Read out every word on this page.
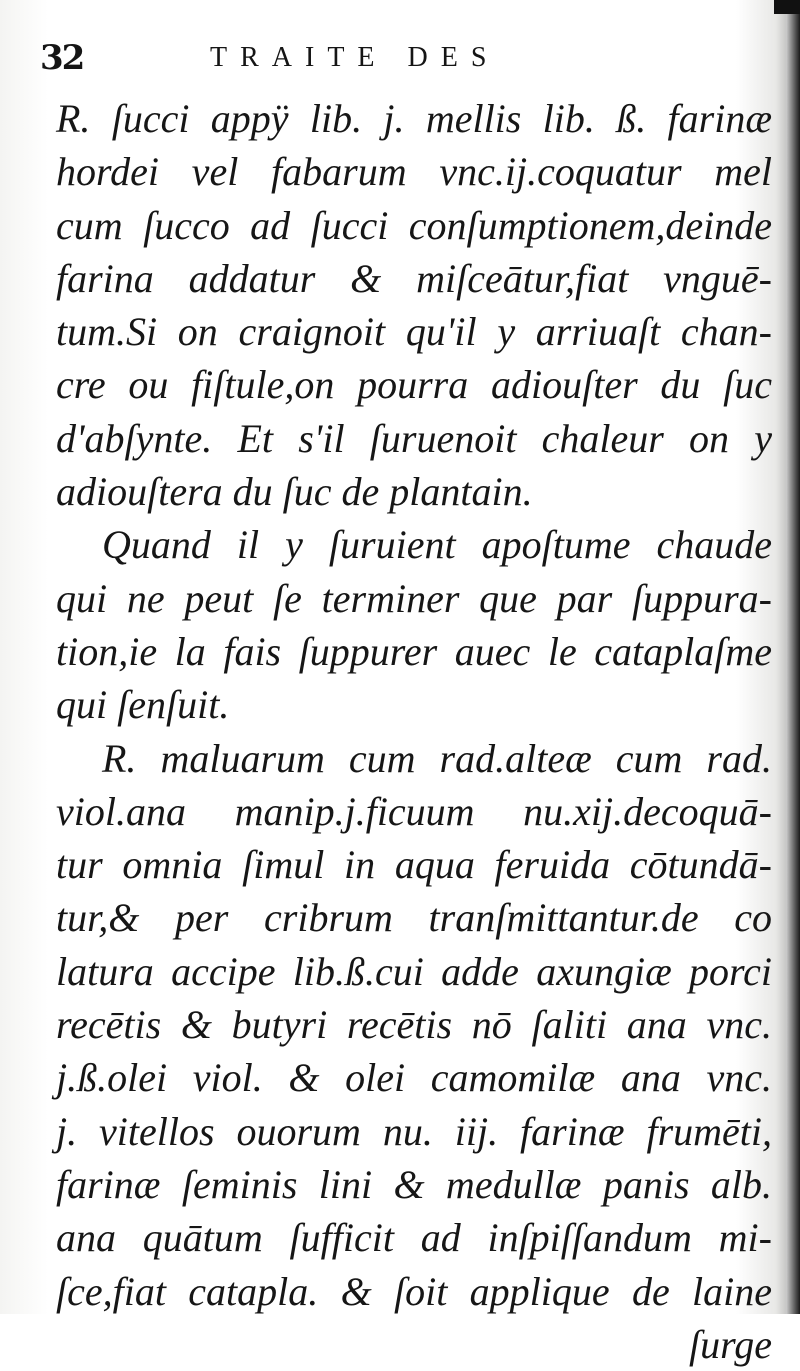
32	TRAITE DES
R. ſucci appÿ lib. j. mellis lib. ß. farinæ
hordei vel fabarum vnc.ij.coquatur mel
cum ſucco ad ſucci conſumptionem,deinde
farina addatur & miſceātur,fiat vnguē-
tum.Si on craignoit qu'il y arriuaſt chan-
cre ou fiſtule,on pourra adiouſter du ſuc
d'abſynte. Et s'il ſuruenoit chaleur on y
adiouſtera du ſuc de plantain.
Quand il y ſuruient apoſtume chaude
qui ne peut ſe terminer que par ſuppura-
tion,ie la fais ſuppurer auec le cataplaſme
qui ſenſuit.
R. maluarum cum rad.alteæ cum rad.
viol.ana manip.j.ficuum nu.xij.decoquā-
tur omnia ſimul in aqua feruida cōtundā-
tur,& per cribrum tranſmittantur.de co
latura accipe lib.ß.cui adde axungiæ porci
recētis & butyri recētis nō ſaliti ana vnc.
j.ß.olei viol. & olei camomilæ ana vnc.
j. vitellos ouorum nu. iij. farinæ frumēti,
farinæ ſeminis lini & medullæ panis alb.
ana quātum ſufficit ad inſpiſſandum mi-
ſce,fiat catapla. & ſoit applique de laine
ſurge
